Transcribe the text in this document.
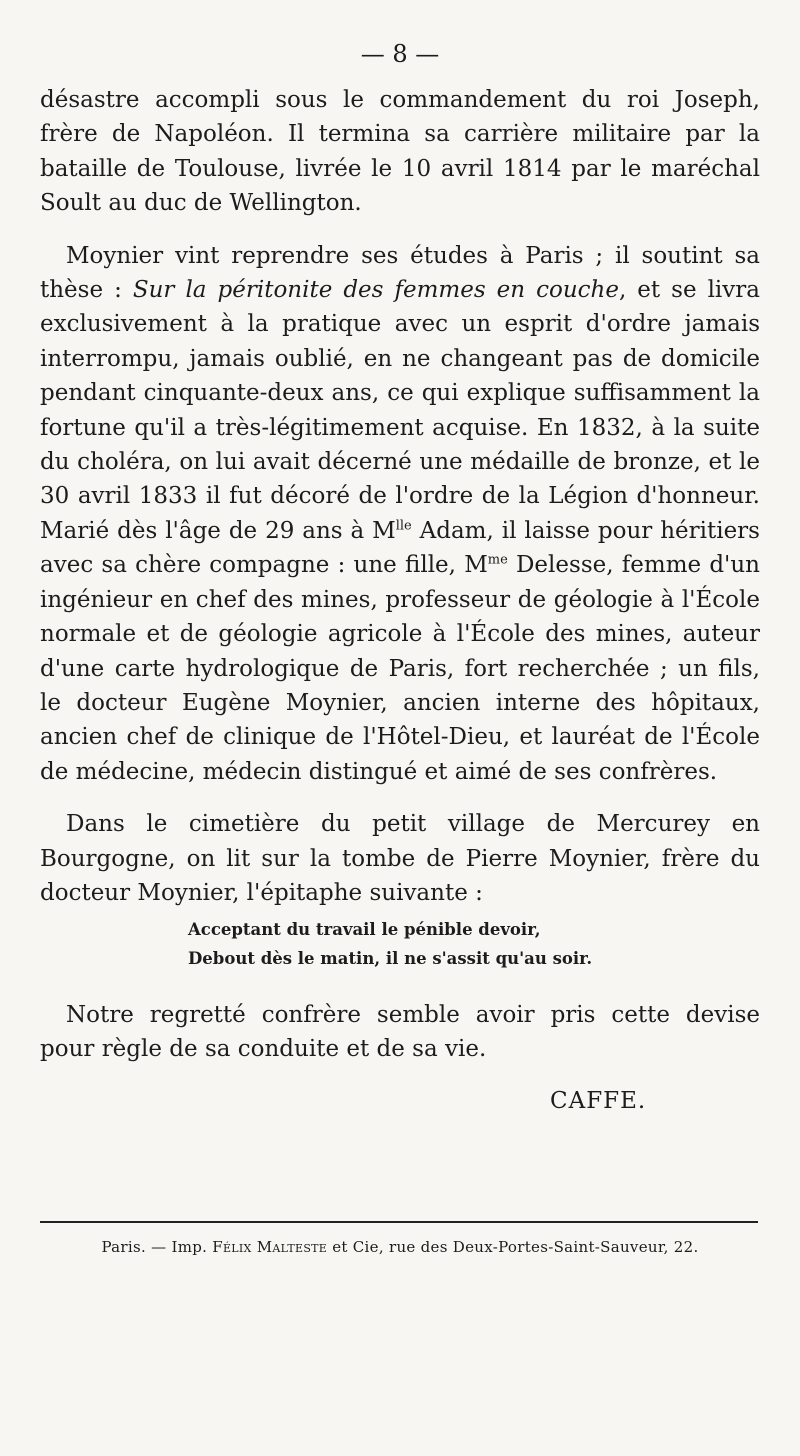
— 8 —

désastre accompli sous le commandement du roi Joseph, frère de Napoléon. Il termina sa carrière militaire par la bataille de Toulouse, livrée le 10 avril 1814 par le maréchal Soult au duc de Wellington.

Moynier vint reprendre ses études à Paris ; il soutint sa thèse : Sur la péritonite des femmes en couche, et se livra exclusivement à la pratique avec un esprit d'ordre jamais interrompu, jamais oublié, en ne changeant pas de domicile pendant cinquante-deux ans, ce qui explique suffisamment la fortune qu'il a très-légitimement acquise. En 1832, à la suite du choléra, on lui avait décerné une médaille de bronze, et le 30 avril 1833 il fut décoré de l'ordre de la Légion d'honneur. Marié dès l'âge de 29 ans à $M^{lle}$ Adam, il laisse pour héritiers avec sa chère compagne : une fille, $M^{me}$ Delesse, femme d'un ingénieur en chef des mines, professeur de géologie à l'École normale et de géologie agricole à l'École des mines, auteur d'une carte hydrologique de Paris, fort recherchée ; un fils, le docteur Eugène Moynier, ancien interne des hôpitaux, ancien chef de clinique de l'Hôtel-Dieu, et lauréat de l'École de médecine, médecin distingué et aimé de ses confrères.

Dans le cimetière du petit village de Mercurey en Bourgogne, on lit sur la tombe de Pierre Moynier, frère du docteur Moynier, l'épitaphe suivante :

Acceptant du travail le pénible devoir,
Debout dès le matin, il ne s'assit qu'au soir.

Notre regretté confrère semble avoir pris cette devise pour règle de sa conduite et de sa vie.

CAFFE.
Paris. — Imp. Félix Malteste et Cie, rue des Deux-Portes-Saint-Sauveur, 22.
